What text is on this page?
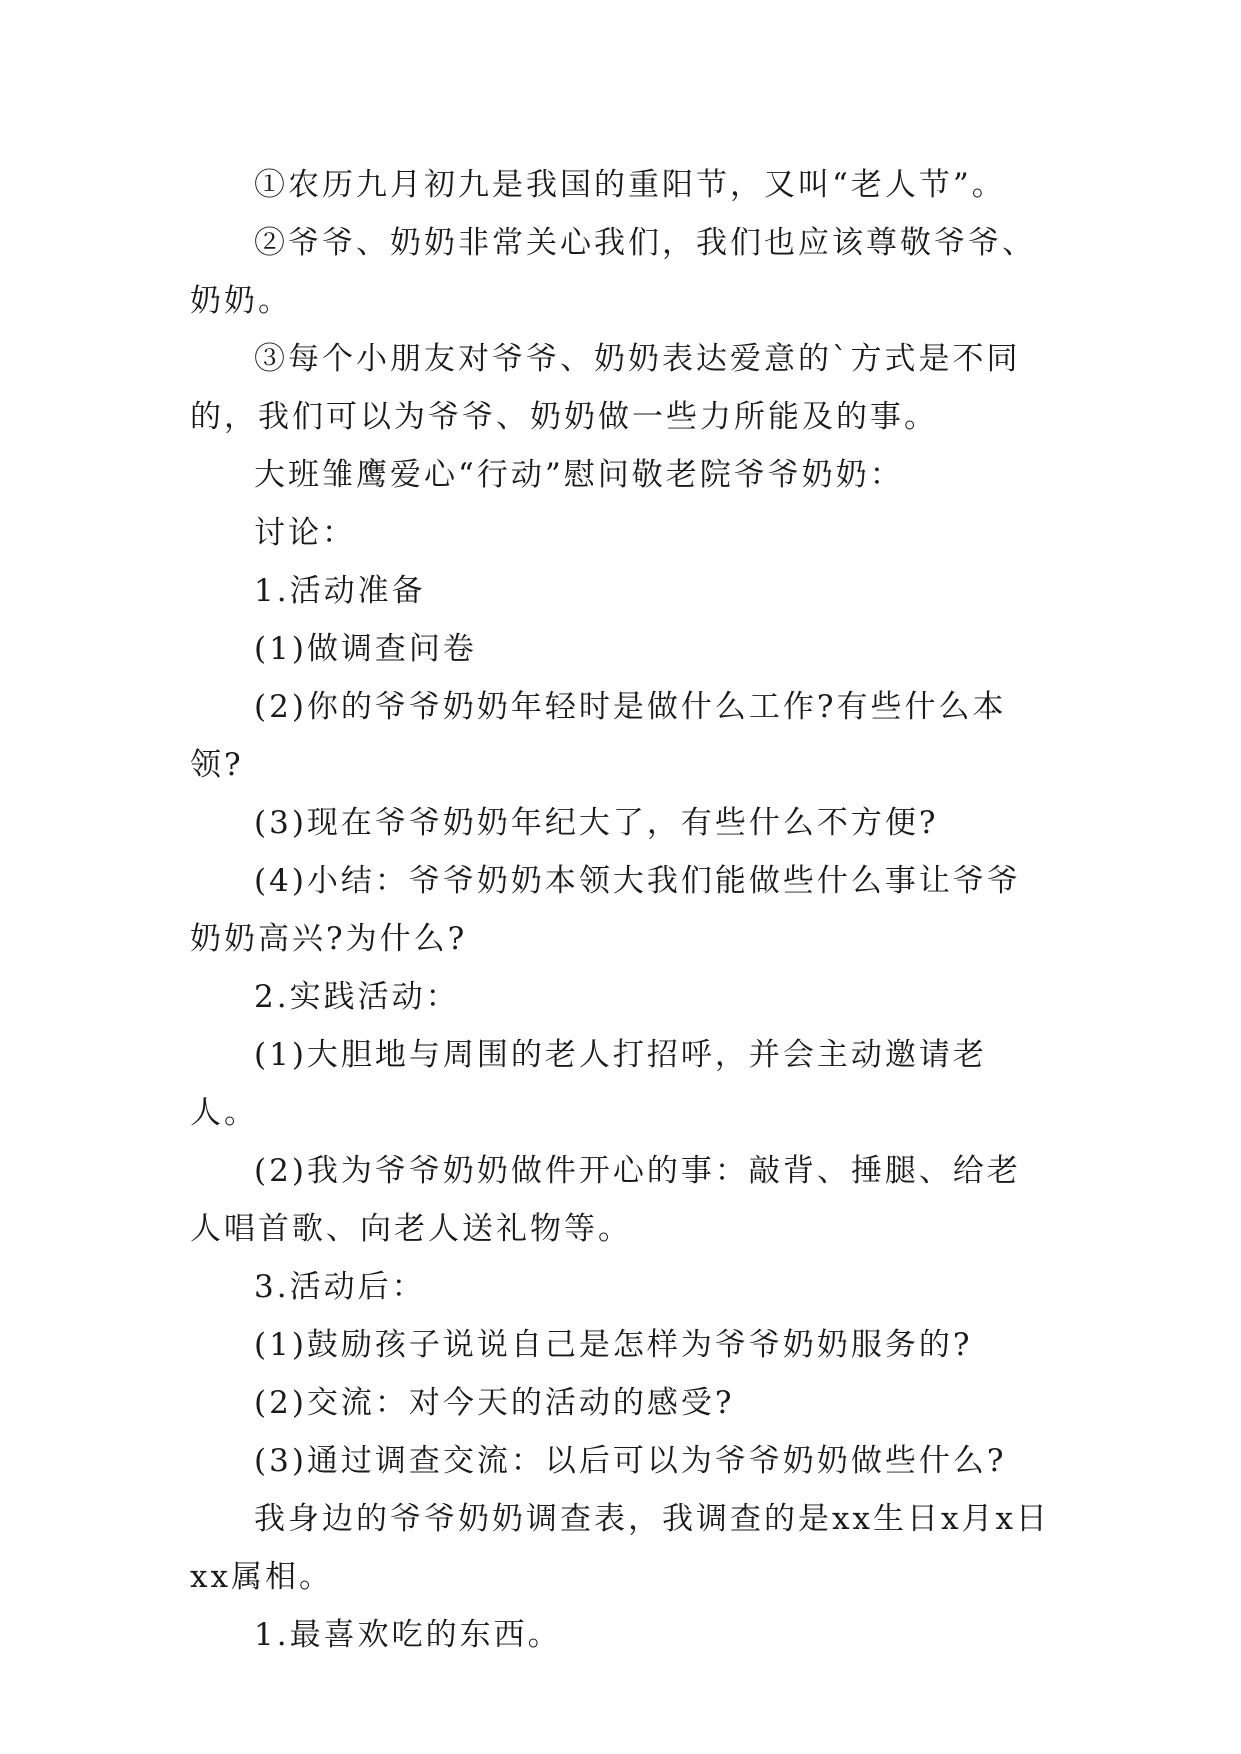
①农历九月初九是我国的重阳节，又叫“老人节”。

②爷爷、奶奶非常关心我们，我们也应该尊敬爷爷、奶奶。

③每个小朋友对爷爷、奶奶表达爱意的`方式是不同的，我们可以为爷爷、奶奶做一些力所能及的事。

大班雏鹰爱心“行动”慰问敬老院爷爷奶奶：

讨论：

1.活动准备

(1)做调查问卷

(2)你的爷爷奶奶年轻时是做什么工作?有些什么本领?

(3)现在爷爷奶奶年纪大了，有些什么不方便?

(4)小结：爷爷奶奶本领大我们能做些什么事让爷爷奶奶高兴?为什么?

2.实践活动：

(1)大胆地与周围的老人打招呼，并会主动邀请老人。

(2)我为爷爷奶奶做件开心的事：敲背、捶腿、给老人唱首歌、向老人送礼物等。

3.活动后：

(1)鼓励孩子说说自己是怎样为爷爷奶奶服务的?

(2)交流：对今天的活动的感受?

(3)通过调查交流：以后可以为爷爷奶奶做些什么?

我身边的爷爷奶奶调查表，我调查的是xx生日x月x日xx属相。

1.最喜欢吃的东西。
